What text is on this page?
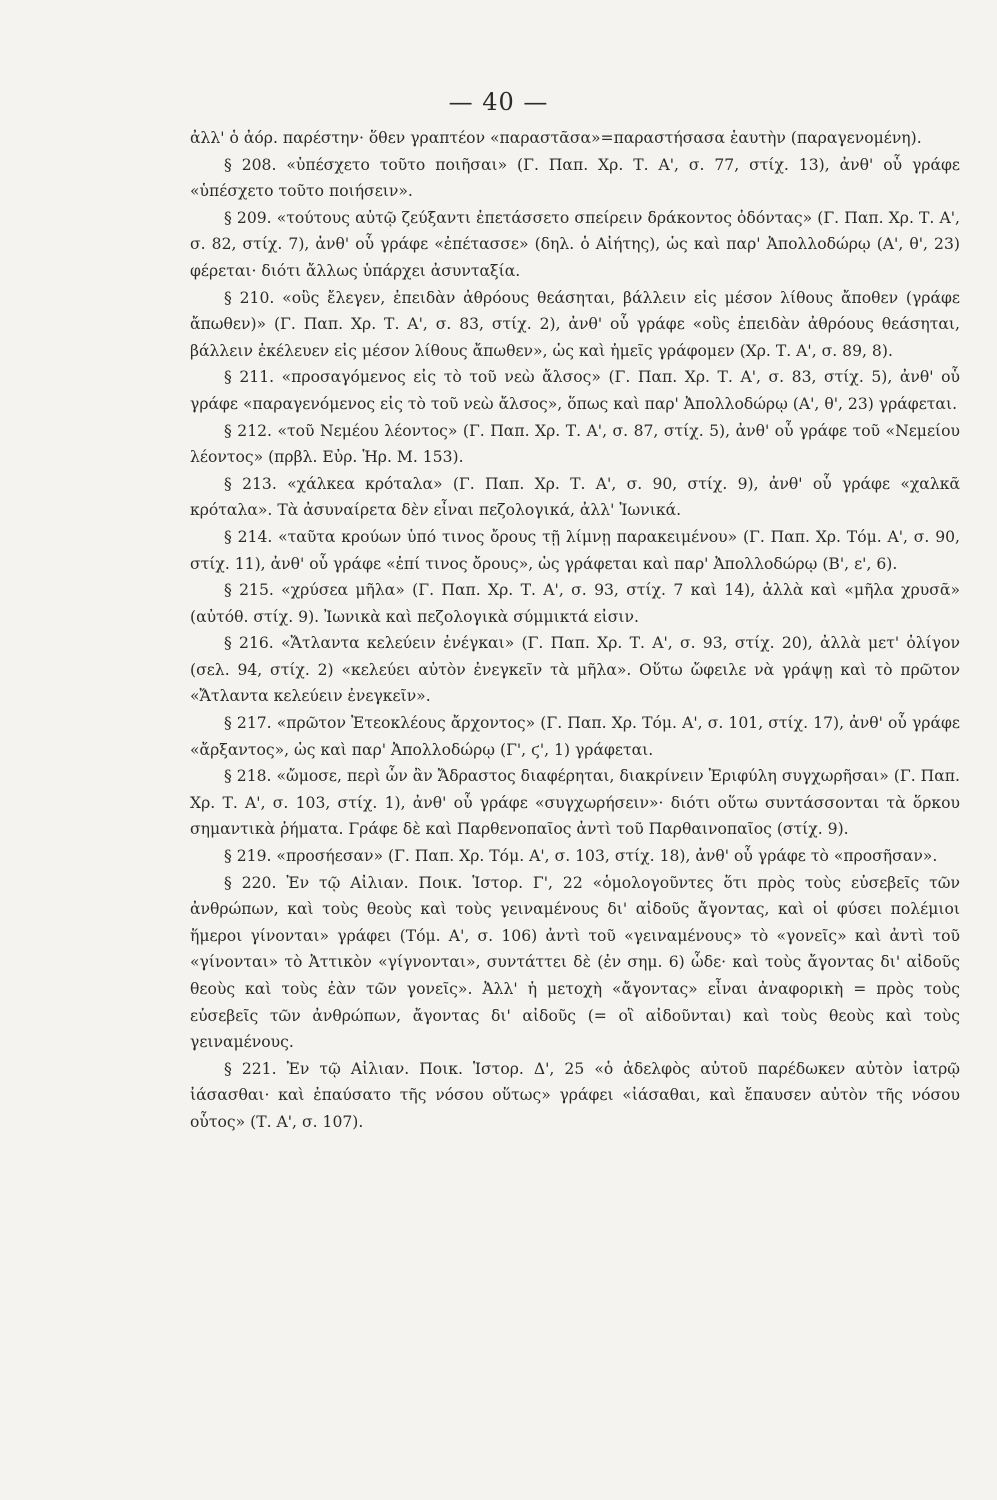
— 40 —

ἀλλ' ὁ ἀόρ. παρέστην· ὅθεν γραπτέον «παραστᾶσα»=παραστήσασα ἑαυτὴν (παραγενομένη).

§ 208. «ὑπέσχετο τοῦτο ποιῆσαι» (Γ. Παπ. Χρ. Τ. Α', σ. 77, στίχ. 13), ἀνθ' οὗ γράφε «ὑπέσχετο τοῦτο ποιήσειν».

§ 209. «τούτους αὐτῷ ζεύξαντι ἐπετάσσετο σπείρειν δράκοντος ὀδόντας» (Γ. Παπ. Χρ. Τ. Α', σ. 82, στίχ. 7), ἀνθ' οὗ γράφε «ἐπέτασσε» (δηλ. ὁ Αἰήτης), ὡς καὶ παρ' Ἀπολλοδώρῳ (Α', θ', 23) φέρεται· διότι ἄλλως ὑπάρχει ἀσυνταξία.

§ 210. «οὓς ἔλεγεν, ἐπειδὰν ἀθρόους θεάσηται, βάλλειν εἰς μέσον λίθους ἄποθεν (γράφε ἄπωθεν)» (Γ. Παπ. Χρ. Τ. Α', σ. 83, στίχ. 2), ἀνθ' οὗ γράφε «οὓς ἐπειδὰν ἀθρόους θεάσηται, βάλλειν ἐκέλευεν εἰς μέσον λίθους ἄπωθεν», ὡς καὶ ἡμεῖς γράφομεν (Χρ. Τ. Α', σ. 89, 8).

§ 211. «προσαγόμενος εἰς τὸ τοῦ νεὼ ἄλσος» (Γ. Παπ. Χρ. Τ. Α', σ. 83, στίχ. 5), ἀνθ' οὗ γράφε «παραγενόμενος εἰς τὸ τοῦ νεὼ ἄλσος», ὅπως καὶ παρ' Ἀπολλοδώρῳ (Α', θ', 23) γράφεται.

§ 212. «τοῦ Νεμέου λέοντος» (Γ. Παπ. Χρ. Τ. Α', σ. 87, στίχ. 5), ἀνθ' οὗ γράφε τοῦ «Νεμείου λέοντος» (πρβλ. Εὐρ. Ἡρ. Μ. 153).

§ 213. «χάλκεα κρόταλα» (Γ. Παπ. Χρ. Τ. Α', σ. 90, στίχ. 9), ἀνθ' οὗ γράφε «χαλκᾶ κρόταλα». Τὰ ἀσυναίρετα δὲν εἶναι πεζολογικά, ἀλλ' Ἰωνικά.

§ 214. «ταῦτα κρούων ὑπό τινος ὄρους τῇ λίμνῃ παρακειμένου» (Γ. Παπ. Χρ. Τόμ. Α', σ. 90, στίχ. 11), ἀνθ' οὗ γράφε «ἐπί τινος ὄρους», ὡς γράφεται καὶ παρ' Ἀπολλοδώρῳ (Β', ε', 6).

§ 215. «χρύσεα μῆλα» (Γ. Παπ. Χρ. Τ. Α', σ. 93, στίχ. 7 καὶ 14), ἀλλὰ καὶ «μῆλα χρυσᾶ» (αὐτόθ. στίχ. 9). Ἰωνικὰ καὶ πεζολογικὰ σύμμικτά εἰσιν.

§ 216. «Ἄτλαντα κελεύειν ἐνέγκαι» (Γ. Παπ. Χρ. Τ. Α', σ. 93, στίχ. 20), ἀλλὰ μετ' ὀλίγον (σελ. 94, στίχ. 2) «κελεύει αὐτὸν ἐνεγκεῖν τὰ μῆλα». Οὕτω ὤφειλε νὰ γράψῃ καὶ τὸ πρῶτον «Ἄτλαντα κελεύειν ἐνεγκεῖν».

§ 217. «πρῶτον Ἐτεοκλέους ἄρχοντος» (Γ. Παπ. Χρ. Τόμ. Α', σ. 101, στίχ. 17), ἀνθ' οὗ γράφε «ἄρξαντος», ὡς καὶ παρ' Ἀπολλοδώρῳ (Γ', ϛ', 1) γράφεται.

§ 218. «ὤμοσε, περὶ ὧν ἂν Ἄδραστος διαφέρηται, διακρίνειν Ἐριφύλη συγχωρῆσαι» (Γ. Παπ. Χρ. Τ. Α', σ. 103, στίχ. 1), ἀνθ' οὗ γράφε «συγχωρήσειν»· διότι οὕτω συντάσσονται τὰ ὅρκου σημαντικὰ ῥήματα. Γράφε δὲ καὶ Παρθενοπαῖος ἀντὶ τοῦ Παρθαινοπαῖος (στίχ. 9).

§ 219. «προσήεσαν» (Γ. Παπ. Χρ. Τόμ. Α', σ. 103, στίχ. 18), ἀνθ' οὗ γράφε τὸ «προσῆσαν».

§ 220. Ἐν τῷ Αἰλιαν. Ποικ. Ἱστορ. Γ', 22 «ὁμολογοῦντες ὅτι πρὸς τοὺς εὐσεβεῖς τῶν ἀνθρώπων, καὶ τοὺς θεοὺς καὶ τοὺς γειναμένους δι' αἰδοῦς ἄγοντας, καὶ οἱ φύσει πολέμιοι ἥμεροι γίνονται» γράφει (Τόμ. Α', σ. 106) ἀντὶ τοῦ «γειναμένους» τὸ «γονεῖς» καὶ ἀντὶ τοῦ «γίνονται» τὸ Ἀττικὸν «γίγνονται», συντάττει δὲ (ἐν σημ. 6) ὧδε· καὶ τοὺς ἄγοντας δι' αἰδοῦς θεοὺς καὶ τοὺς ἐὰν τῶν γονεῖς». Ἀλλ' ἡ μετοχὴ «ἄγοντας» εἶναι ἀναφορικὴ = πρὸς τοὺς εὐσεβεῖς τῶν ἀνθρώπων, ἄγοντας δι' αἰδοῦς (= οἳ αἰδοῦνται) καὶ τοὺς θεοὺς καὶ τοὺς γειναμένους.

§ 221. Ἐν τῷ Αἰλιαν. Ποικ. Ἱστορ. Δ', 25 «ὁ ἀδελφὸς αὐτοῦ παρέδωκεν αὐτὸν ἰατρῷ ἰάσασθαι· καὶ ἐπαύσατο τῆς νόσου οὕτως» γράφει «ἰάσαθαι, καὶ ἔπαυσεν αὐτὸν τῆς νόσου οὗτος» (Τ. Α', σ. 107).
